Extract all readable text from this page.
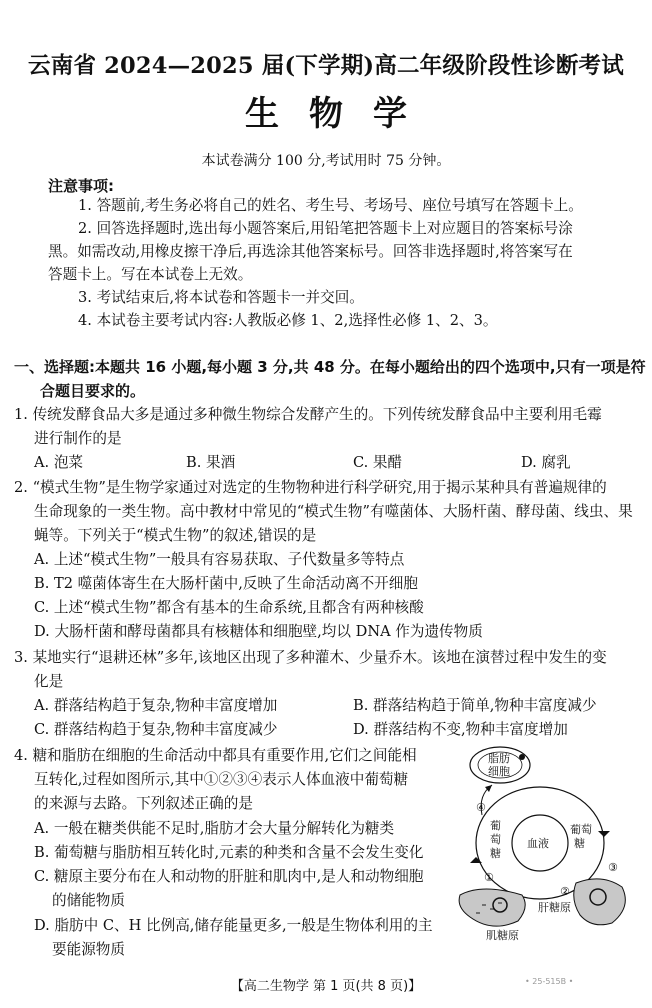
云南省 2024—2025 届(下学期)高二年级阶段性诊断考试
生物学
本试卷满分 100 分,考试用时 75 分钟。
注意事项:
1. 答题前,考生务必将自己的姓名、考生号、考场号、座位号填写在答题卡上。
2. 回答选择题时,选出每小题答案后,用铅笔把答题卡上对应题目的答案标号涂
黑。如需改动,用橡皮擦干净后,再选涂其他答案标号。回答非选择题时,将答案写在
答题卡上。写在本试卷上无效。
3. 考试结束后,将本试卷和答题卡一并交回。
4. 本试卷主要考试内容:人教版必修 1、2,选择性必修 1、2、3。
一、选择题:本题共 16 小题,每小题 3 分,共 48 分。在每小题给出的四个选项中,只有一项是符
合题目要求的。
1. 传统发酵食品大多是通过多种微生物综合发酵产生的。下列传统发酵食品中主要利用毛霉
进行制作的是
A. 泡菜	B. 果酒	C. 果醋	D. 腐乳
2. “模式生物”是生物学家通过对选定的生物物种进行科学研究,用于揭示某种具有普遍规律的
生命现象的一类生物。高中教材中常见的“模式生物”有噬菌体、大肠杆菌、酵母菌、线虫、果
蝇等。下列关于“模式生物”的叙述,错误的是
A. 上述“模式生物”一般具有容易获取、子代数量多等特点
B. T2 噬菌体寄生在大肠杆菌中,反映了生命活动离不开细胞
C. 上述“模式生物”都含有基本的生命系统,且都含有两种核酸
D. 大肠杆菌和酵母菌都具有核糖体和细胞壁,均以 DNA 作为遗传物质
3. 某地实行“退耕还林”多年,该地区出现了多种灌木、少量乔木。该地在演替过程中发生的变
化是
A. 群落结构趋于复杂,物种丰富度增加	B. 群落结构趋于简单,物种丰富度减少
C. 群落结构趋于复杂,物种丰富度减少	D. 群落结构不变,物种丰富度增加
4. 糖和脂肪在细胞的生命活动中都具有重要作用,它们之间能相
互转化,过程如图所示,其中①②③④表示人体血液中葡萄糖
的来源与去路。下列叙述正确的是
A. 一般在糖类供能不足时,脂肪才会大量分解转化为糖类
B. 葡萄糖与脂肪相互转化时,元素的种类和含量不会发生变化
C. 糖原主要分布在人和动物的肝脏和肌肉中,是人和动物细胞
的储能物质
D. 脂肪中 C、H 比例高,储存能量更多,一般是生物体利用的主
要能源物质
脂肪
细胞
血液
葡
萄
糖
葡萄
糖
④
③
①
②
肌糖原
肝糖原
【高二生物学 第 1 页(共 8 页)】	• 25-515B •
